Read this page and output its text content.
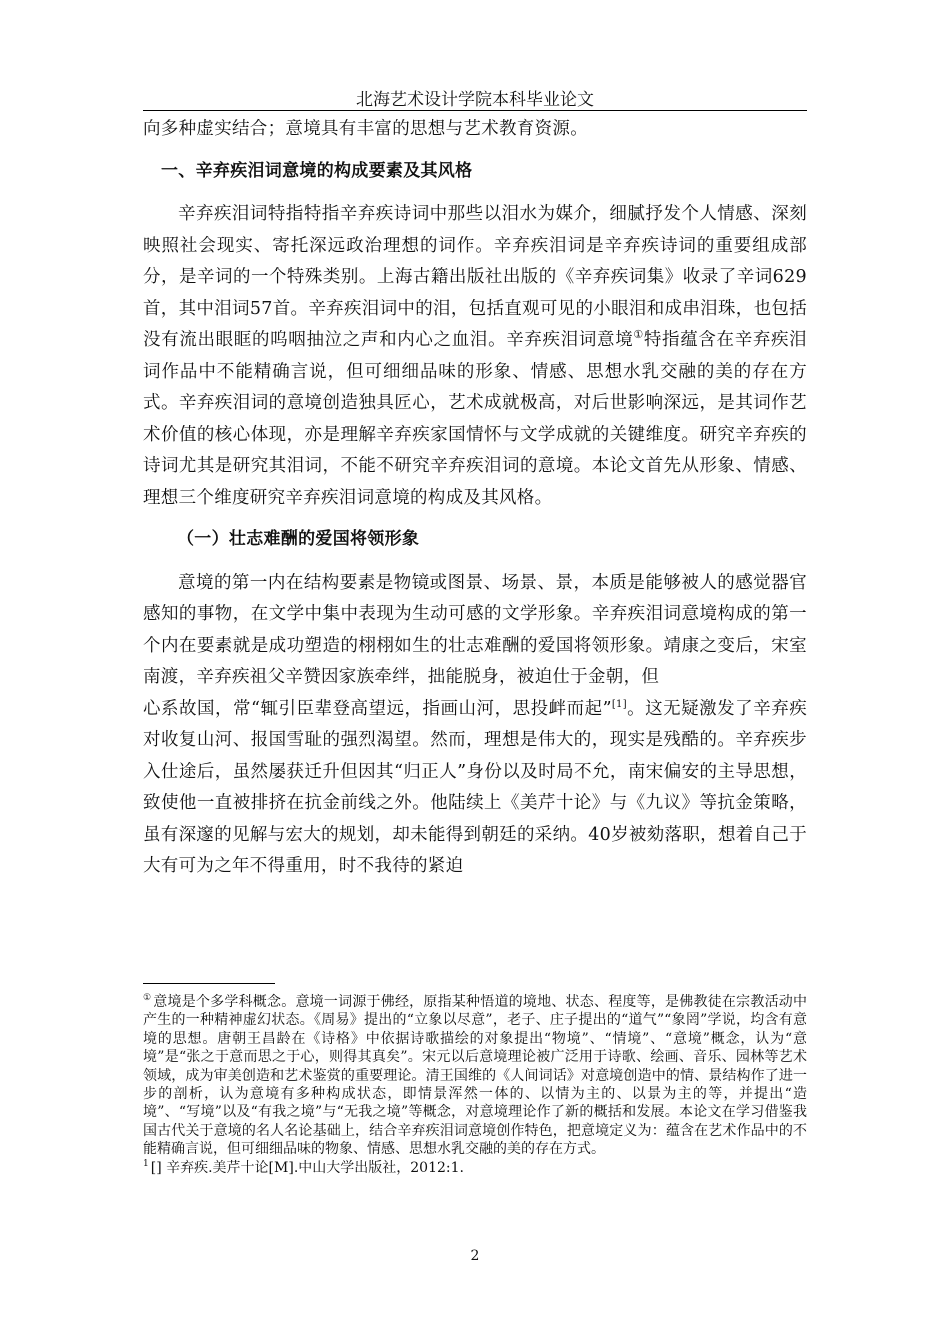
北海艺术设计学院本科毕业论文

向多种虚实结合；意境具有丰富的思想与艺术教育资源。

一、辛弃疾泪词意境的构成要素及其风格

辛弃疾泪词特指特指辛弃疾诗词中那些以泪水为媒介，细腻抒发个人情感、深刻映照社会现实、寄托深远政治理想的词作。辛弃疾泪词是辛弃疾诗词的重要组成部分，是辛词的一个特殊类别。上海古籍出版社出版的《辛弃疾词集》收录了辛词629首，其中泪词57首。辛弃疾泪词中的泪，包括直观可见的小眼泪和成串泪珠，也包括没有流出眼眶的呜咽抽泣之声和内心之血泪。辛弃疾泪词意境①特指蕴含在辛弃疾泪词作品中不能精确言说，但可细细品味的形象、情感、思想水乳交融的美的存在方式。辛弃疾泪词的意境创造独具匠心，艺术成就极高，对后世影响深远，是其词作艺术价值的核心体现，亦是理解辛弃疾家国情怀与文学成就的关键维度。研究辛弃疾的诗词尤其是研究其泪词，不能不研究辛弃疾泪词的意境。本论文首先从形象、情感、理想三个维度研究辛弃疾泪词意境的构成及其风格。

（一）壮志难酬的爱国将领形象

意境的第一内在结构要素是物镜或图景、场景、景，本质是能够被人的感觉器官感知的事物，在文学中集中表现为生动可感的文学形象。辛弃疾泪词意境构成的第一个内在要素就是成功塑造的栩栩如生的壮志难酬的爱国将领形象。靖康之变后，宋室南渡，辛弃疾祖父辛赞因家族牵绊，拙能脱身，被迫仕于金朝，但

心系故国，常“辄引臣辈登高望远，指画山河，思投衅而起”[1]。这无疑激发了辛弃疾对收复山河、报国雪耻的强烈渴望。然而，理想是伟大的，现实是残酷的。辛弃疾步入仕途后，虽然屡获迁升但因其“归正人”身份以及时局不允，南宋偏安的主导思想，致使他一直被排挤在抗金前线之外。他陆续上《美芹十论》与《九议》等抗金策略，虽有深邃的见解与宏大的规划，却未能得到朝廷的采纳。40岁被劾落职，想着自己于大有可为之年不得重用，时不我待的紧迫

① 意境是个多学科概念。意境一词源于佛经，原指某种悟道的境地、状态、程度等，是佛教徒在宗教活动中产生的一种精神虚幻状态。《周易》提出的“立象以尽意”，老子、庄子提出的“道气”“象罔”学说，均含有意境的思想。唐朝王昌龄在《诗格》中依据诗歌描绘的对象提出“物境”、“情境”、“意境”概念，认为“意境”是“张之于意而思之于心，则得其真矣”。宋元以后意境理论被广泛用于诗歌、绘画、音乐、园林等艺术领域，成为审美创造和艺术鉴赏的重要理论。清王国维的《人间词话》对意境创造中的情、景结构作了进一步的剖析，认为意境有多种构成状态，即情景浑然一体的、以情为主的、以景为主的等，并提出“造境”、“写境”以及“有我之境”与“无我之境”等概念，对意境理论作了新的概括和发展。本论文在学习借鉴我国古代关于意境的名人名论基础上，结合辛弃疾泪词意境创作特色，把意境定义为：蕴含在艺术作品中的不能精确言说，但可细细品味的物象、情感、思想水乳交融的美的存在方式。

$^1$ [] 辛弃疾.美芹十论[M].中山大学出版社，2012:1.

2
